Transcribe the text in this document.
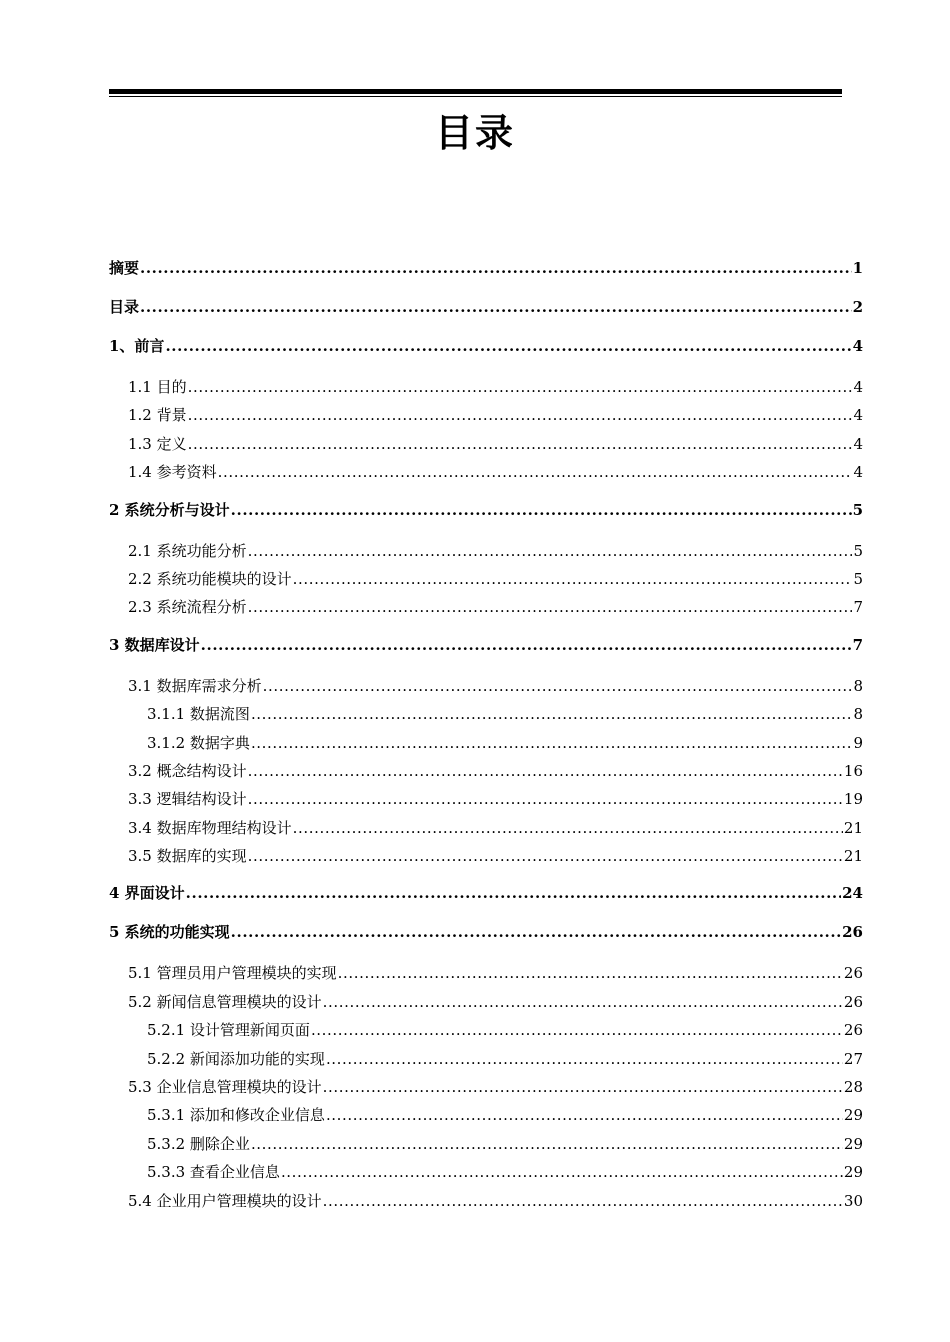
目录
摘要 .....	1
目录 .....	2
1、前言 .....	4
1.1 目的 .....	4
1.2 背景 .....	4
1.3 定义 .....	4
1.4 参考资料 .....	4
2 系统分析与设计 .....	5
2.1 系统功能分析 .....	5
2.2 系统功能模块的设计 .....	5
2.3 系统流程分析 .....	7
3 数据库设计 .....	7
3.1 数据库需求分析 .....	8
3.1.1 数据流图 .....	8
3.1.2 数据字典 .....	9
3.2 概念结构设计 .....	16
3.3 逻辑结构设计 .....	19
3.4 数据库物理结构设计 .....	21
3.5 数据库的实现 .....	21
4 界面设计 .....	24
5 系统的功能实现 .....	26
5.1 管理员用户管理模块的实现 .....	26
5.2 新闻信息管理模块的设计 .....	26
5.2.1 设计管理新闻页面 .....	26
5.2.2 新闻添加功能的实现 .....	27
5.3 企业信息管理模块的设计 .....	28
5.3.1 添加和修改企业信息 .....	29
5.3.2 删除企业 .....	29
5.3.3 查看企业信息 .....	29
5.4 企业用户管理模块的设计 .....	30
